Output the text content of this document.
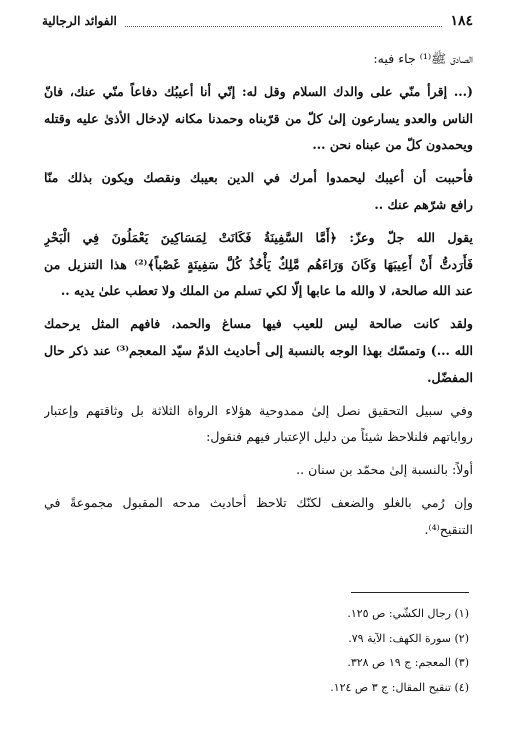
١٨٤
الفوائد الرجالية

الصادق ﷺ⁽¹⁾ جاء فيه:

(... إقرأ منّي على والدك السلام وقل له: إنّي أنا أعيبُك دفاعاً منّي عنك، فانّ
الناس والعدو يسارعون إلىٰ كلّ من قرّبناه وحمدنا مكانه لإدخال الأذىٰ عليه وقتله
ويحمدون كلّ من عبناه نحن ...

فأحببت أن أعيبك ليحمدوا أمرك في الدين بعيبك ونقصك ويكون بذلك منّا
رافع شرّهم عنك ..

يقول الله جلّ وعزّ: ﴿أَمَّا السَّفِينَةُ فَكَانَتْ لِمَسَاكِينَ يَعْمَلُونَ فِي الْبَحْرِ
فَأَرَدتُّ أَنْ أَعِيبَهَا وَكَانَ وَرَاءَهُم مَّلِكٌ يَأْخُذُ كُلَّ سَفِينَةٍ غَصْباً﴾⁽²⁾ هذا التنزيل من
عند الله صالحة، لا والله ما عابها إلّا لكي تسلم من الملك ولا تعطب علىٰ يديه ..

ولقد كانت صالحة ليس للعيب فيها مساغ والحمد، فافهم المثل يرحمك
الله ...) وتمسّك بهذا الوجه بالنسبة إلى أحاديث الذمّ سيّد المعجم⁽³⁾ عند ذكر حال
المفضّل.

وفي سبيل التحقيق نصل إلىٰ ممدوحية هؤلاء الرواة الثلاثة بل وثاقتهم وإعتبار
رواياتهم فلنلاحظ شيئاً من دليل الإعتبار فيهم فنقول:

أولاً: بالنسبة إلىٰ محمّد بن سنان ..

وإن رُمي بالغلو والضعف لكنّك تلاحظ أحاديث مدحه المقبول مجموعةً في
التنقيح⁽⁴⁾.

(١) رجال الكشّي: ص ١٢٥.
(٢) سورة الكهف: الآية ٧٩.
(٣) المعجم: ج ١٩ ص ٣٢٨.
(٤) تنقيح المقال: ج ٣ ص ١٢٤.
